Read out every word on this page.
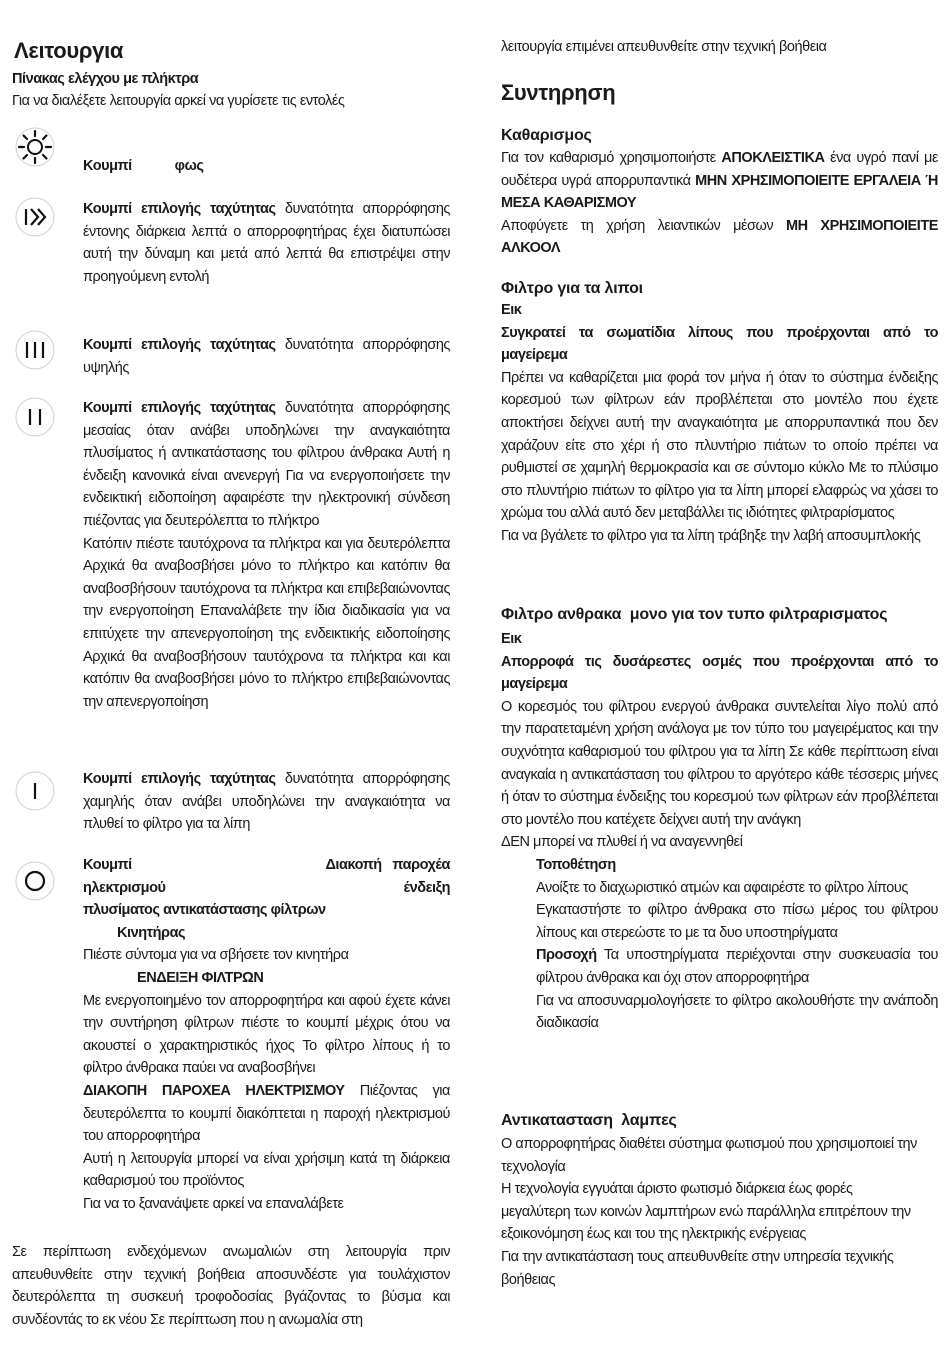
Λειτουργια

Πίνακας ελέγχου με πλήκτρα

Για να διαλέξετε λειτουργία αρκεί να γυρίσετε τις εντολές

Κουμπί            φως

Κουμπί επιλογής ταχύτητας δυνατότητα απορρόφησης έντονης διάρκεια λεπτά ο απορροφητήρας έχει διατυπώσει αυτή την δύναμη και μετά από λεπτά θα επιστρέψει στην προηγούμενη εντολή

Κουμπί επιλογής ταχύτητας δυνατότητα απορρόφησης υψηλής

Κουμπί επιλογής ταχύτητας δυνατότητα απορρόφησης μεσαίας όταν ανάβει υποδηλώνει την αναγκαιότητα πλυσίματος ή αντικατάστασης του φίλτρου άνθρακα Αυτή η ένδειξη κανονικά είναι ανενεργή Για να ενεργοποιήσετε την ενδεικτική ειδοποίηση αφαιρέστε την ηλεκτρονική σύνδεση πιέζοντας για δευτερόλεπτα το πλήκτρο

Κατόπιν πιέστε ταυτόχρονα τα πλήκτρα και για δευτερόλεπτα Αρχικά θα αναβοσβήσει μόνο το πλήκτρο και κατόπιν θα αναβοσβήσουν ταυτόχρονα τα πλήκτρα και επιβεβαιώνοντας την ενεργοποίηση Επαναλάβετε την ίδια διαδικασία για να επιτύχετε την απενεργοποίηση της ενδεικτικής ειδοποίησης Αρχικά θα αναβοσβήσουν ταυτόχρονα τα πλήκτρα και και κατόπιν θα αναβοσβήσει μόνο το πλήκτρο επιβεβαιώνοντας την απενεργοποίηση

Κουμπί επιλογής ταχύτητας δυνατότητα απορρόφησης χαμηλής όταν ανάβει υποδηλώνει την αναγκαιότητα να πλυθεί το φίλτρο για τα λίπη

Κουμπί	Διακοπή   παροχέα

ηλεκτρισμού	ένδειξη

πλυσίματος αντικατάστασης φίλτρων

Κινητήρας

Πιέστε σύντομα για να σβήσετε τον κινητήρα

ΕΝΔΕΙΞΗ ΦΙΛΤΡΩΝ

Με ενεργοποιημένο τον απορροφητήρα και αφού έχετε κάνει την συντήρηση φίλτρων πιέστε το κουμπί μέχρις ότου να ακουστεί ο χαρακτηριστικός ήχος Το φίλτρο λίπους ή το φίλτρο άνθρακα παύει να αναβοσβήνει

ΔΙΑΚΟΠΗ ΠΑΡΟΧΕΑ ΗΛΕΚΤΡΙΣΜΟΥ Πιέζοντας για δευτερόλεπτα το κουμπί διακόπτεται η παροχή ηλεκτρισμού του απορροφητήρα

Αυτή η λειτουργία μπορεί να είναι χρήσιμη κατά τη διάρκεια καθαρισμού του προϊόντος

Για να το ξανανάψετε αρκεί να επαναλάβετε

Σε περίπτωση ενδεχόμενων ανωμαλιών στη λειτουργία πριν απευθυνθείτε στην τεχνική βοήθεια αποσυνδέστε για τουλάχιστον δευτερόλεπτα τη συσκευή τροφοδοσίας βγάζοντας το βύσμα και συνδέοντάς το εκ νέου Σε περίπτωση που η ανωμαλία στη

λειτουργία επιμένει απευθυνθείτε στην τεχνική βοήθεια

Συντηρηση

Καθαρισμος

Για τον καθαρισμό χρησιμοποιήστε ΑΠΟΚΛΕΙΣΤΙΚΑ ένα υγρό πανί με ουδέτερα υγρά απορρυπαντικά ΜΗΝ ΧΡΗΣΙΜΟΠΟΙΕΙΤΕ ΕΡΓΑΛΕΙΑ Ή ΜΕΣΑ ΚΑΘΑΡΙΣΜΟΥ

Αποφύγετε τη χρήση λειαντικών μέσων ΜΗ ΧΡΗΣΙΜΟΠΟΙΕΙΤΕ ΑΛΚΟΟΛ

Φιλτρο για τα λιποι

Εικ

Συγκρατεί τα σωματίδια λίπους που προέρχονται από το μαγείρεμα

Πρέπει να καθαρίζεται μια φορά τον μήνα ή όταν το σύστημα ένδειξης κορεσμού των φίλτρων εάν προβλέπεται στο μοντέλο που έχετε αποκτήσει δείχνει αυτή την αναγκαιότητα με απορρυπαντικά που δεν χαράζουν είτε στο χέρι ή στο πλυντήριο πιάτων το οποίο πρέπει να ρυθμιστεί σε χαμηλή θερμοκρασία και σε σύντομο κύκλο Με το πλύσιμο στο πλυντήριο πιάτων το φίλτρο για τα λίπη μπορεί ελαφρώς να χάσει το χρώμα του αλλά αυτό δεν μεταβάλλει τις ιδιότητες φιλτραρίσματος

Για να βγάλετε το φίλτρο για τα λίπη τράβηξε την λαβή αποσυμπλοκής

Φιλτρο ανθρακα  μονο για τον τυπο φιλτραρισματος

Εικ

Απορροφά τις δυσάρεστες οσμές που προέρχονται από το μαγείρεμα

Ο κορεσμός του φίλτρου ενεργού άνθρακα συντελείται λίγο πολύ από την παρατεταμένη χρήση ανάλογα με τον τύπο του μαγειρέματος και την συχνότητα καθαρισμού του φίλτρου για τα λίπη Σε κάθε περίπτωση είναι αναγκαία η αντικατάσταση του φίλτρου το αργότερο κάθε τέσσερις μήνες ή όταν το σύστημα ένδειξης του κορεσμού των φίλτρων εάν προβλέπεται στο μοντέλο που κατέχετε δείχνει αυτή την ανάγκη

ΔΕΝ μπορεί να πλυθεί ή να αναγεννηθεί

Τοποθέτηση

Ανοίξτε το διαχωριστικό ατμών και αφαιρέστε το φίλτρο λίπους

Εγκαταστήστε το φίλτρο άνθρακα στο πίσω μέρος του φίλτρου λίπους και στερεώστε το με τα δυο υποστηρίγματα

Προσοχή Τα υποστηρίγματα περιέχονται στην συσκευασία του φίλτρου άνθρακα και όχι στον απορροφητήρα

Για να αποσυναρμολογήσετε το φίλτρο ακολουθήστε την ανάποδη διαδικασία

Αντικατασταση  λαμπες

Ο απορροφητήρας διαθέτει σύστημα φωτισμού που χρησιμοποιεί την τεχνολογία

Η τεχνολογία εγγυάται άριστο φωτισμό διάρκεια έως φορές μεγαλύτερη των κοινών λαμπτήρων ενώ παράλληλα επιτρέπουν την εξοικονόμηση έως και του της ηλεκτρικής ενέργειας

Για την αντικατάσταση τους απευθυνθείτε στην υπηρεσία τεχνικής βοήθειας
